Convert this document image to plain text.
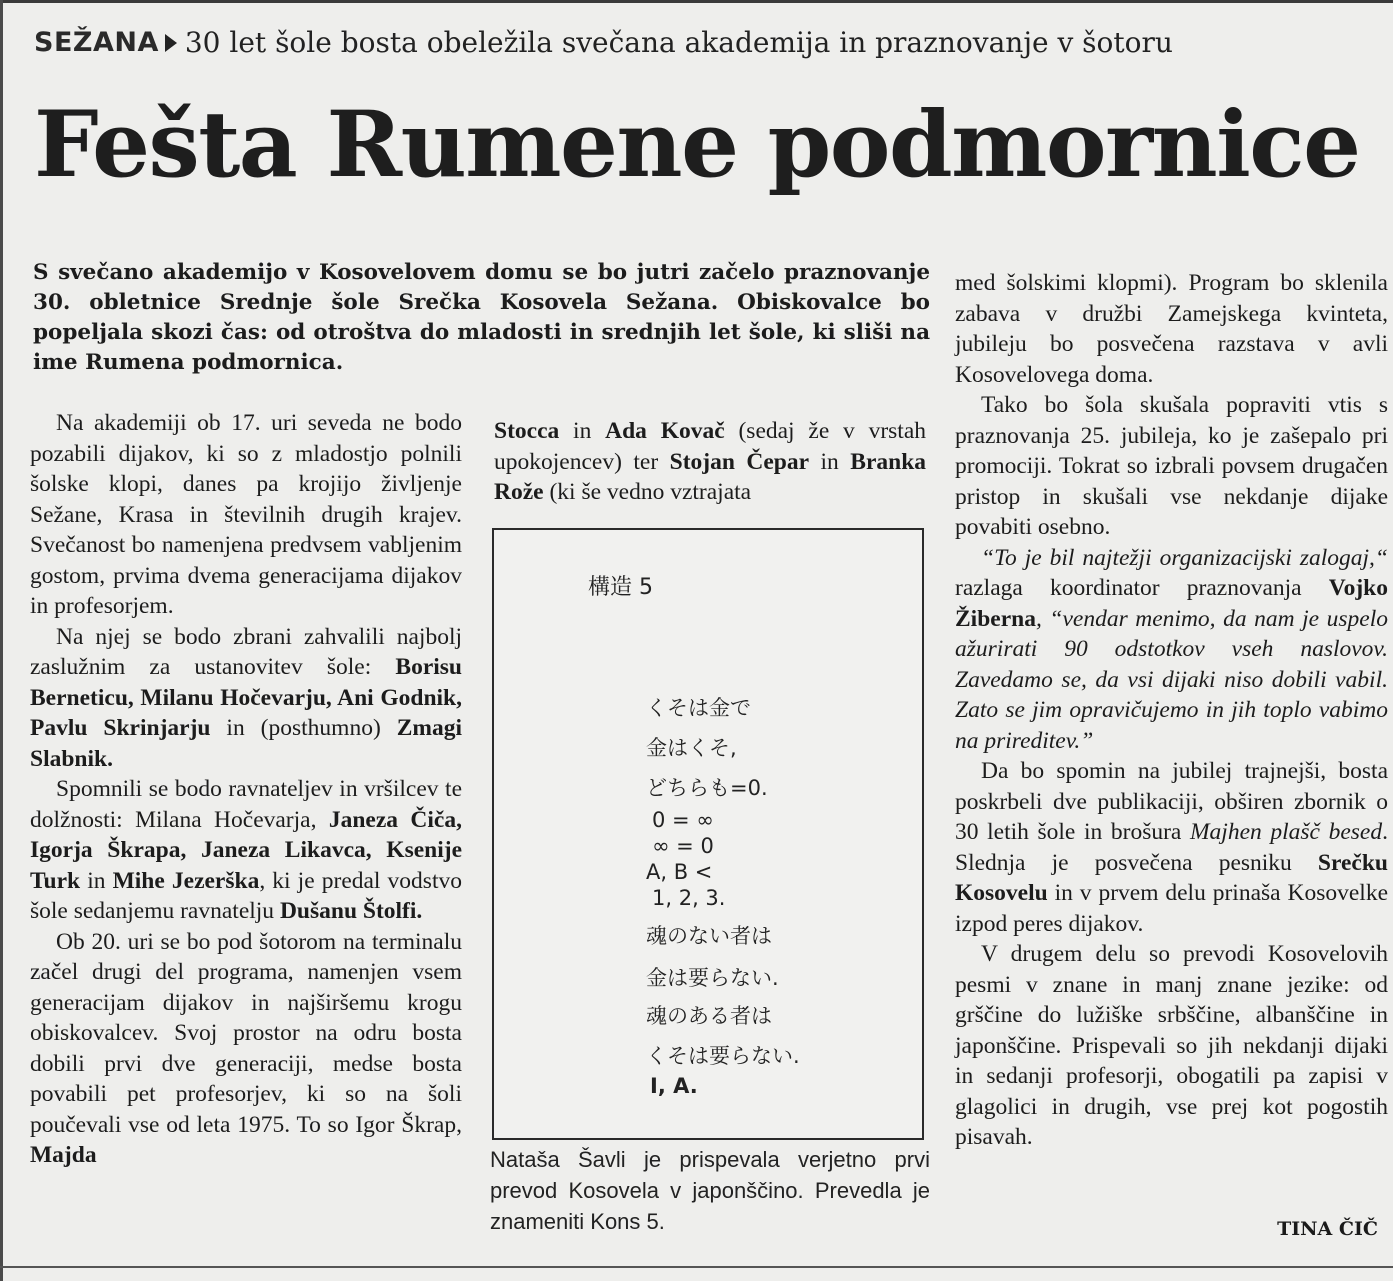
SEŽANA 30 let šole bosta obeležila svečana akademija in praznovanje v šotoru
Fešta Rumene podmornice

S svečano akademijo v Kosovelovem domu se bo jutri začelo praznovanje 30. obletnice Srednje šole Srečka Kosovela Sežana. Obiskovalce bo popeljala skozi čas: od otroštva do mladosti in srednjih let šole, ki sliši na ime Rumena podmornica.

Na akademiji ob 17. uri seveda ne bodo pozabili dijakov, ki so z mladostjo polnili šolske klopi, danes pa krojijo življenje Sežane, Krasa in številnih drugih krajev. Svečanost bo namenjena predvsem vabljenim gostom, prvima dvema generacijama dijakov in profesorjem.

Na njej se bodo zbrani zahvalili najbolj zaslužnim za ustanovitev šole: Borisu Berneticu, Milanu Hočevarju, Ani Godnik, Pavlu Skrinjarju in (posthumno) Zmagi Slabnik.

Spomnili se bodo ravnateljev in vršilcev te dolžnosti: Milana Hočevarja, Janeza Čiča, Igorja Škrapa, Janeza Likavca, Ksenije Turk in Mihe Jezerška, ki je predal vodstvo šole sedanjemu ravnatelju Dušanu Štolfi.

Ob 20. uri se bo pod šotorom na terminalu začel drugi del programa, namenjen vsem generacijam dijakov in najširšemu krogu obiskovalcev. Svoj prostor na odru bosta dobili prvi dve generaciji, medse bosta povabili pet profesorjev, ki so na šoli poučevali vse od leta 1975. To so Igor Škrap, Majda

Stocca in Ada Kovač (sedaj že v vrstah upokojencev) ter Stojan Čepar in Branka Rože (ki še vedno vztrajata

構造 5
くそは金で
金はくそ,
どちらも=0.
0 = ∞
∞ = 0
A, B <
1, 2, 3.
魂のない者は
金は要らない.
魂のある者は
くそは要らない.
I, A.

Nataša Šavli je prispevala verjetno prvi prevod Kosovela v japonščino. Prevedla je znameniti Kons 5.

med šolskimi klopmi). Program bo sklenila zabava v družbi Zamejskega kvinteta, jubileju bo posvečena razstava v avli Kosovelovega doma.

Tako bo šola skušala popraviti vtis s praznovanja 25. jubileja, ko je zašepalo pri promociji. Tokrat so izbrali povsem drugačen pristop in skušali vse nekdanje dijake povabiti osebno.

“To je bil najtežji organizacijski zalogaj,“ razlaga koordinator praznovanja Vojko Žiberna, “vendar menimo, da nam je uspelo ažurirati 90 odstotkov vseh naslovov. Zavedamo se, da vsi dijaki niso dobili vabil. Zato se jim opravičujemo in jih toplo vabimo na prireditev.”

Da bo spomin na jubilej trajnejši, bosta poskrbeli dve publikaciji, obširen zbornik o 30 letih šole in brošura Majhen plašč besed. Slednja je posvečena pesniku Srečku Kosovelu in v prvem delu prinaša Kosovelke izpod peres dijakov.

V drugem delu so prevodi Kosovelovih pesmi v znane in manj znane jezike: od grščine do lužiške srbščine, albanščine in japonščine. Prispevali so jih nekdanji dijaki in sedanji profesorji, obogatili pa zapisi v glagolici in drugih, vse prej kot pogostih pisavah.

TINA ČIČ
